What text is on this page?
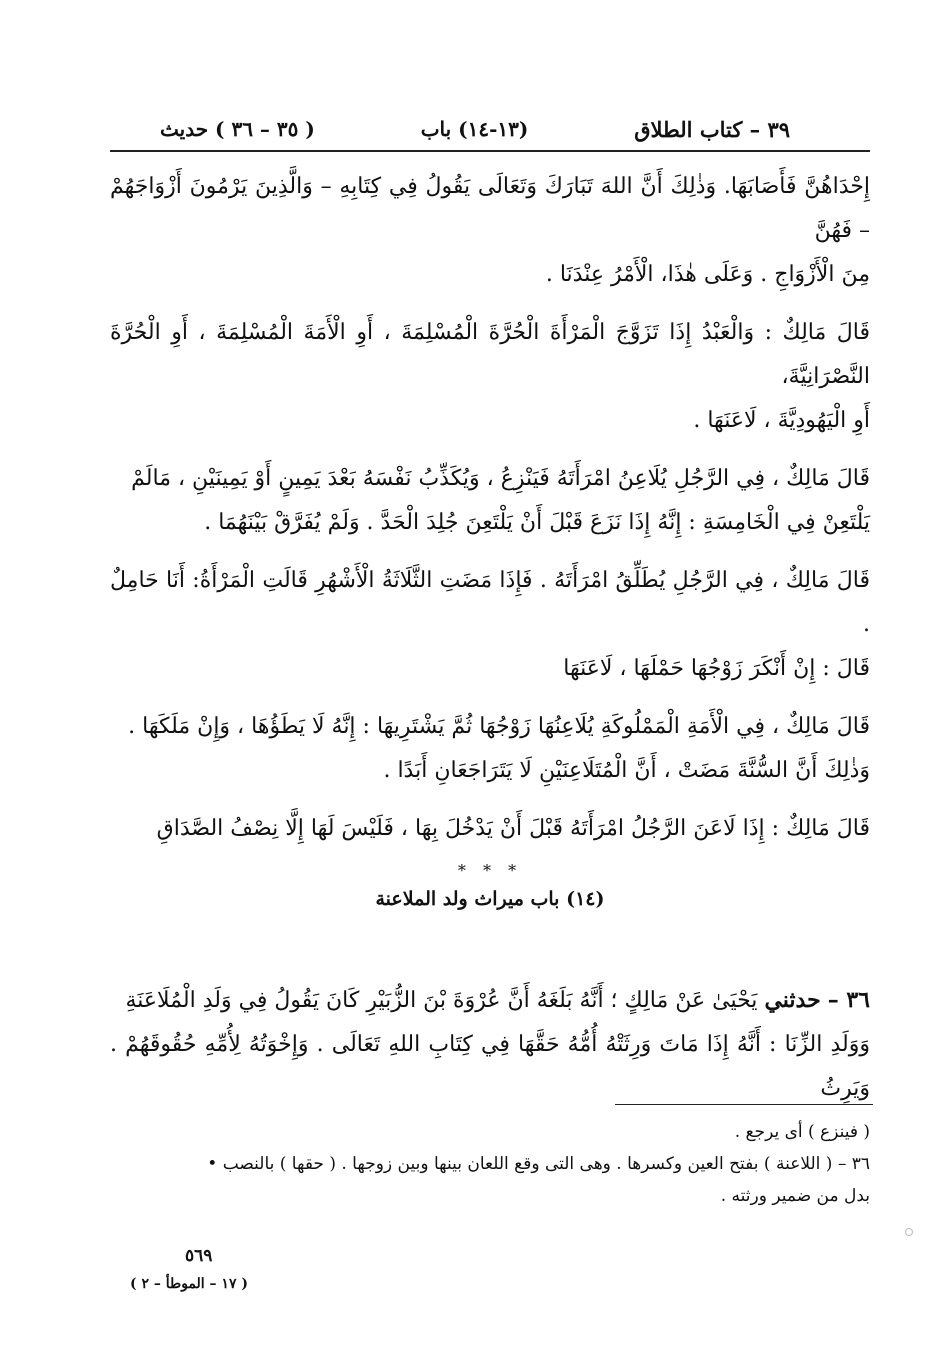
٣٩ – كتاب الطلاق
(١٣-١٤) باب
( ٣٥ – ٣٦ ) حديث

إِحْدَاهُنَّ فَأَصَابَهَا. وَذٰلِكَ أَنَّ اللهَ تَبَارَكَ وَتَعَالَى يَقُولُ فِي كِتَابِهِ – وَالَّذِينَ يَرْمُونَ أَزْوَاجَهُمْ – فَهُنَّ

مِنَ الْأَزْوَاجِ . وَعَلَى هٰذَا، الْأَمْرُ عِنْدَنَا .

قَالَ مَالِكٌ : وَالْعَبْدُ إِذَا تَزَوَّجَ الْمَرْأَةَ الْحُرَّةَ الْمُسْلِمَةَ ، أَوِ الْأَمَةَ الْمُسْلِمَةَ ، أَوِ الْحُرَّةَ النَّصْرَانِيَّةَ،

أَوِ الْيَهُودِيَّةَ ، لَاعَنَهَا .

قَالَ مَالِكٌ ، فِي الرَّجُلِ يُلَاعِنُ امْرَأَتَهُ فَيَنْزِعُ ، وَيُكَذِّبُ نَفْسَهُ بَعْدَ يَمِينٍ أَوْ يَمِينَيْنِ ، مَالَمْ

يَلْتَعِنْ فِي الْخَامِسَةِ : إِنَّهُ إِذَا نَزَعَ قَبْلَ أَنْ يَلْتَعِنَ جُلِدَ الْحَدَّ . وَلَمْ يُفَرَّقْ بَيْنَهُمَا .

قَالَ مَالِكٌ ، فِي الرَّجُلِ يُطَلِّقُ امْرَأَتَهُ . فَإِذَا مَضَتِ الثَّلَاثَةُ الْأَشْهُرِ قَالَتِ الْمَرْأَةُ: أَنَا حَامِلٌ .

قَالَ : إِنْ أَنْكَرَ زَوْجُهَا حَمْلَهَا ، لَاعَنَهَا

قَالَ مَالِكٌ ، فِي الْأَمَةِ الْمَمْلُوكَةِ يُلَاعِنُهَا زَوْجُهَا ثُمَّ يَشْتَرِيهَا : إِنَّهُ لَا يَطَؤُهَا ، وَإِنْ مَلَكَهَا .

وَذٰلِكَ أَنَّ السُّنَّةَ مَضَتْ ، أَنَّ الْمُتَلَاعِنَيْنِ لَا يَتَرَاجَعَانِ أَبَدًا .

قَالَ مَالِكٌ : إِذَا لَاعَنَ الرَّجُلُ امْرَأَتَهُ قَبْلَ أَنْ يَدْخُلَ بِهَا ، فَلَيْسَ لَهَا إِلَّا نِصْفُ الصَّدَاقِ

* * *
(١٤) باب ميراث ولد الملاعنة

٣٦ – حدثني يَحْيَىٰ عَنْ مَالِكٍ ؛ أَنَّهُ بَلَغَهُ أَنَّ عُرْوَةَ بْنَ الزُّبَيْرِ كَانَ يَقُولُ فِي وَلَدِ الْمُلَاعَنَةِ

وَوَلَدِ الزِّنَا : أَنَّهُ إِذَا مَاتَ وَرِثَتْهُ أُمُّهُ حَقَّهَا فِي كِتَابِ اللهِ تَعَالَى . وَإِخْوَتُهُ لِأُمِّهِ حُقُوقَهُمْ . وَيَرِثُ

( فينزع ) أى يرجع .

٣٦ – ( اللاعنة ) بفتح العين وكسرها . وهى التى وقع اللعان بينها وبين زوجها . ( حقها ) بالنصب •

بدل من ضمير ورثته .

٥٦٩
( ١٧ – الموطأ – ٢ )
